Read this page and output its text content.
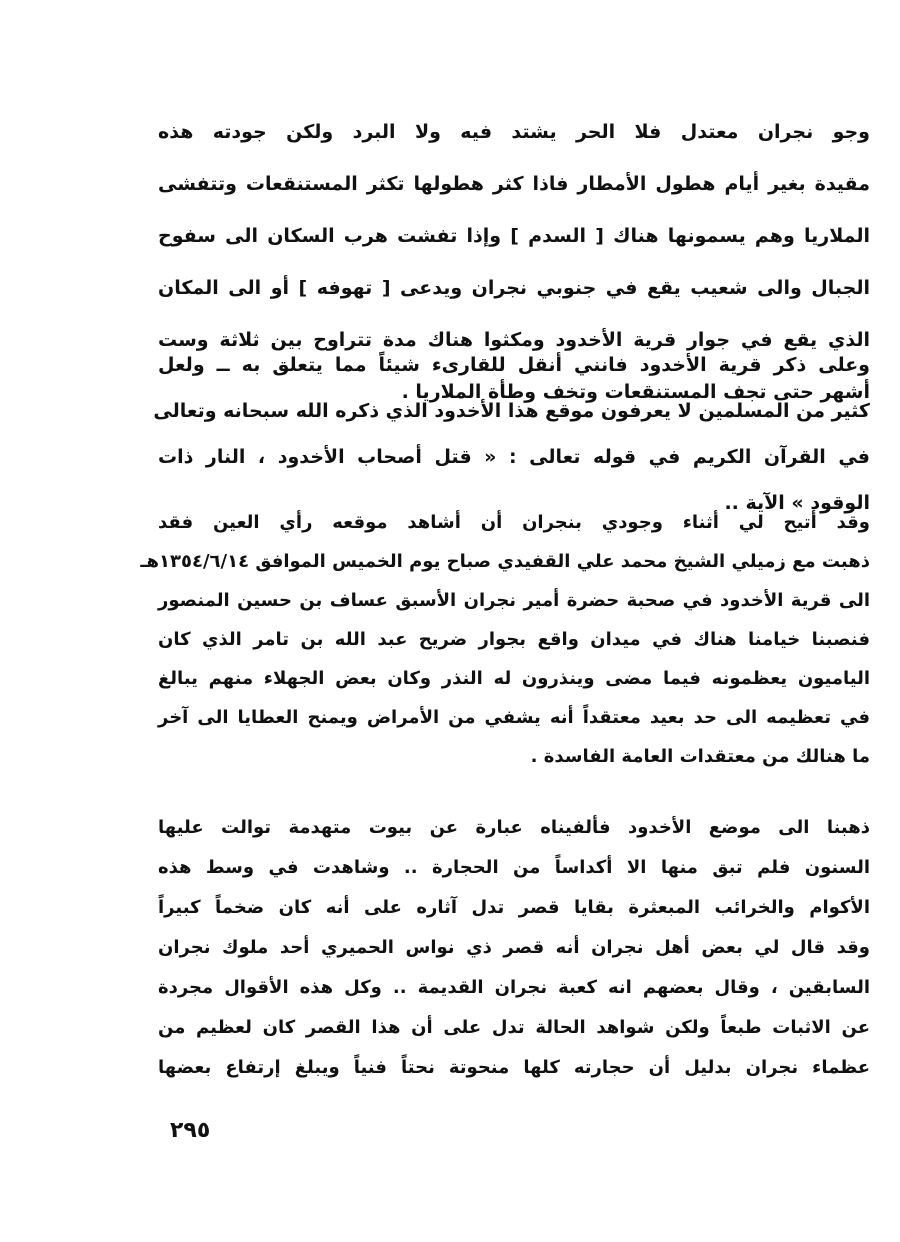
وجو نجران معتدل فلا الحر يشتد فيه ولا البرد ولكن جودته هذه
مقيدة بغير أيام هطول الأمطار فاذا كثر هطولها تكثر المستنقعات وتتفشى
الملاريا وهم يسمونها هناك [ السدم ] وإذا تفشت هرب السكان الى سفوح
الجبال والى شعيب يقع في جنوبي نجران ويدعى [ تهوفه ] أو الى المكان
الذي يقع في جوار قرية الأخدود ومكثوا هناك مدة تتراوح بين ثلاثة وست
أشهر حتى تجف المستنقعات وتخف وطأة الملاريا .
وعلى ذكر قرية الأخدود فانني أنقل للقارىء شيئاً مما يتعلق به ــ ولعل
كثير من المسلمين لا يعرفون موقع هذا الأخدود الذي ذكره الله سبحانه وتعالى
في القرآن الكريم في قوله تعالى : « قتل أصحاب الأخدود ، النار ذات
الوقود » الآية ..
وقد أتيح لي أثناء وجودي بنجران أن أشاهد موقعه رأي العين فقد
ذهبت مع زميلي الشيخ محمد علي القفيدي صباح يوم الخميس الموافق ١٣٥٤/٦/١٤هـ
الى قرية الأخدود في صحبة حضرة أمير نجران الأسبق عساف بن حسين المنصور
فنصبنا خيامنا هناك في ميدان واقع بجوار ضريح عبد الله بن تامر الذي كان
الياميون يعظمونه فيما مضى وينذرون له النذر وكان بعض الجهلاء منهم يبالغ
في تعظيمه الى حد بعيد معتقداً أنه يشفي من الأمراض ويمنح العطايا الى آخر
ما هنالك من معتقدات العامة الفاسدة .
ذهبنا الى موضع الأخدود فألفيناه عبارة عن بيوت متهدمة توالت عليها
السنون فلم تبق منها الا أكداساً من الحجارة .. وشاهدت في وسط هذه
الأكوام والخرائب المبعثرة بقايا قصر تدل آثاره على أنه كان ضخماً كبيراً
وقد قال لي بعض أهل نجران أنه قصر ذي نواس الحميري أحد ملوك نجران
السابقين ، وقال بعضهم انه كعبة نجران القديمة .. وكل هذه الأقوال مجردة
عن الاثبات طبعاً ولكن شواهد الحالة تدل على أن هذا القصر كان لعظيم من
عظماء نجران بدليل أن حجارته كلها منحوتة نحتاً فنياً ويبلغ إرتفاع بعضها
٢٩٥
